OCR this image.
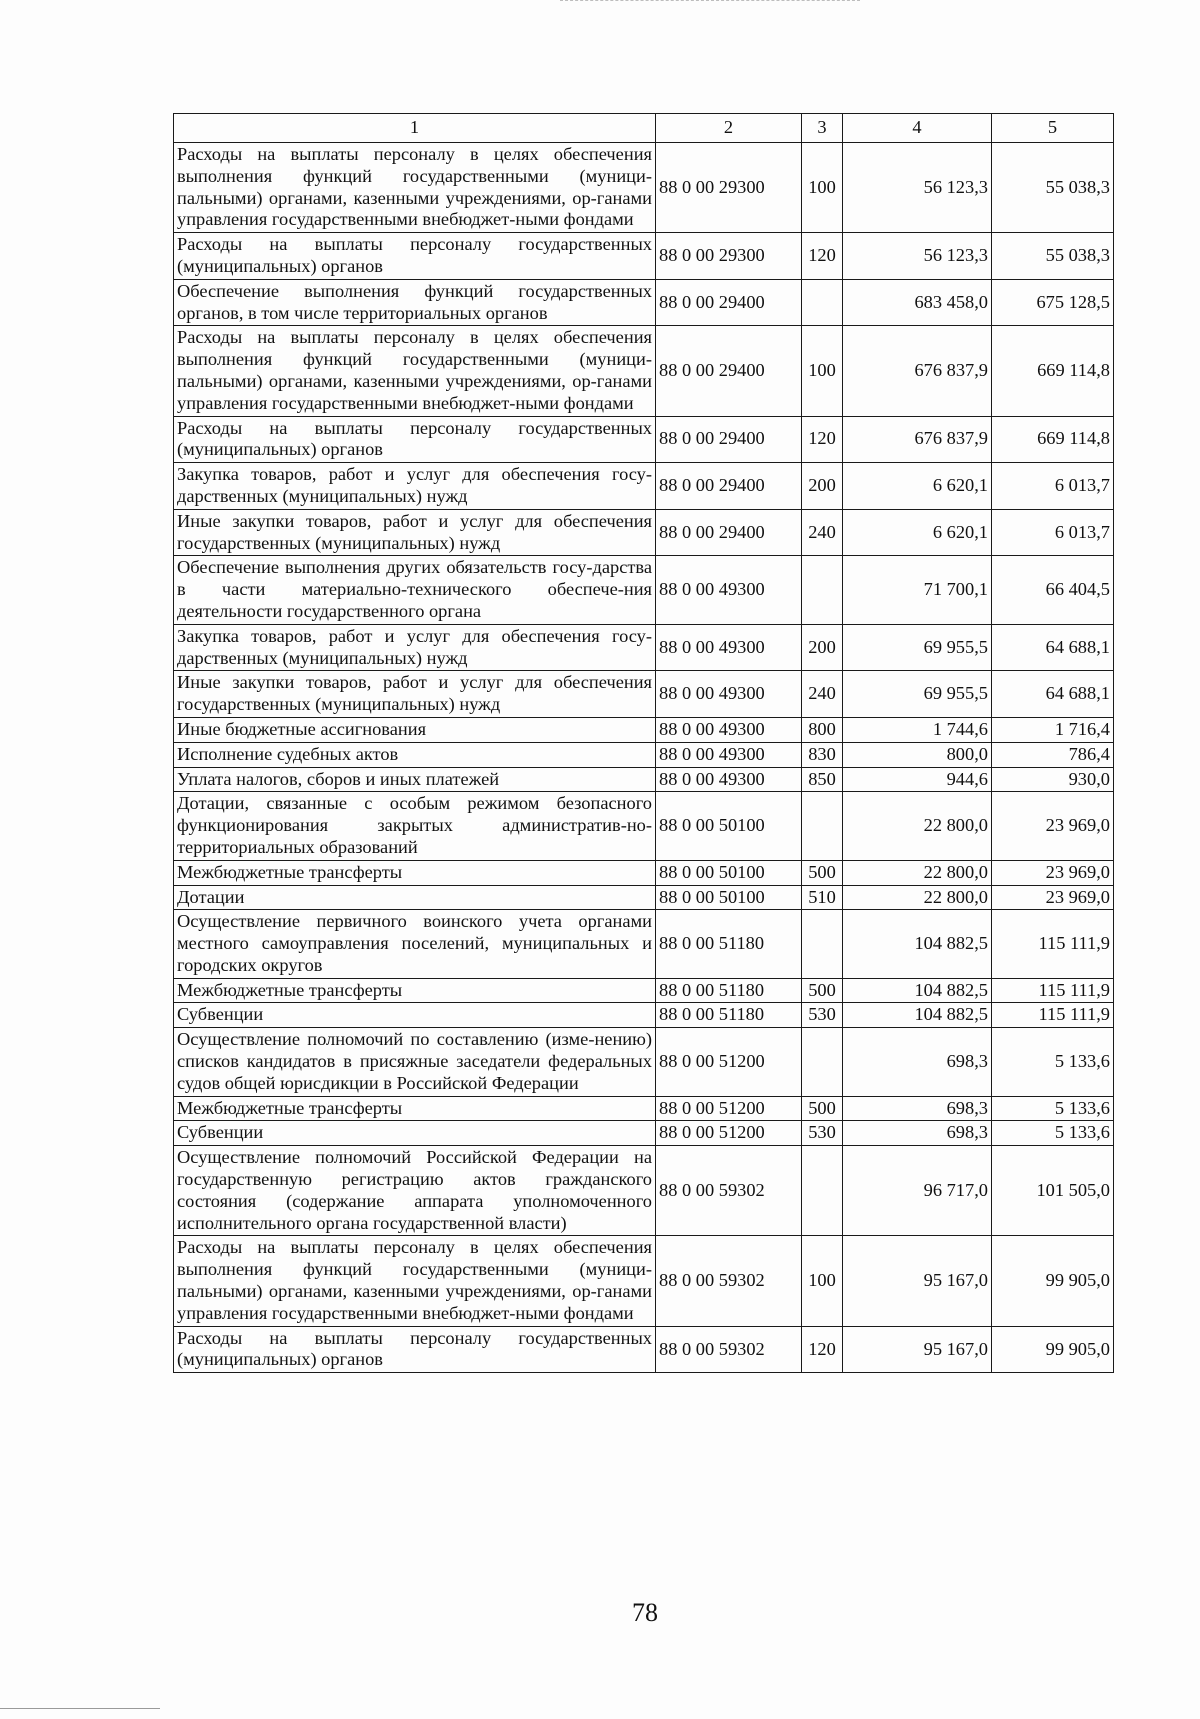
1	2	3	4	5
Расходы на выплаты персоналу в целях обеспечения выполнения функций государственными (муници-пальными) органами, казенными учреждениями, ор-ганами управления государственными внебюджет-ными фондами	88 0 00 29300	100	56 123,3	55 038,3
Расходы на выплаты персоналу государственных (муниципальных) органов	88 0 00 29300	120	56 123,3	55 038,3
Обеспечение выполнения функций государственных органов, в том числе территориальных органов	88 0 00 29400		683 458,0	675 128,5
Расходы на выплаты персоналу в целях обеспечения выполнения функций государственными (муници-пальными) органами, казенными учреждениями, ор-ганами управления государственными внебюджет-ными фондами	88 0 00 29400	100	676 837,9	669 114,8
Расходы на выплаты персоналу государственных (муниципальных) органов	88 0 00 29400	120	676 837,9	669 114,8
Закупка товаров, работ и услуг для обеспечения госу-дарственных (муниципальных) нужд	88 0 00 29400	200	6 620,1	6 013,7
Иные закупки товаров, работ и услуг для обеспечения государственных (муниципальных) нужд	88 0 00 29400	240	6 620,1	6 013,7
Обеспечение выполнения других обязательств госу-дарства в части материально-технического обеспече-ния деятельности государственного органа	88 0 00 49300		71 700,1	66 404,5
Закупка товаров, работ и услуг для обеспечения госу-дарственных (муниципальных) нужд	88 0 00 49300	200	69 955,5	64 688,1
Иные закупки товаров, работ и услуг для обеспечения государственных (муниципальных) нужд	88 0 00 49300	240	69 955,5	64 688,1
Иные бюджетные ассигнования	88 0 00 49300	800	1 744,6	1 716,4
Исполнение судебных актов	88 0 00 49300	830	800,0	786,4
Уплата налогов, сборов и иных платежей	88 0 00 49300	850	944,6	930,0
Дотации, связанные с особым режимом безопасного функционирования закрытых административ-но-территориальных образований	88 0 00 50100		22 800,0	23 969,0
Межбюджетные трансферты	88 0 00 50100	500	22 800,0	23 969,0
Дотации	88 0 00 50100	510	22 800,0	23 969,0
Осуществление первичного воинского учета органами местного самоуправления поселений, муниципальных и городских округов	88 0 00 51180		104 882,5	115 111,9
Межбюджетные трансферты	88 0 00 51180	500	104 882,5	115 111,9
Субвенции	88 0 00 51180	530	104 882,5	115 111,9
Осуществление полномочий по составлению (изме-нению) списков кандидатов в присяжные заседатели федеральных судов общей юрисдикции в Российской Федерации	88 0 00 51200		698,3	5 133,6
Межбюджетные трансферты	88 0 00 51200	500	698,3	5 133,6
Субвенции	88 0 00 51200	530	698,3	5 133,6
Осуществление полномочий Российской Федерации на государственную регистрацию актов гражданского состояния (содержание аппарата уполномоченного исполнительного органа государственной власти)	88 0 00 59302		96 717,0	101 505,0
Расходы на выплаты персоналу в целях обеспечения выполнения функций государственными (муници-пальными) органами, казенными учреждениями, ор-ганами управления государственными внебюджет-ными фондами	88 0 00 59302	100	95 167,0	99 905,0
Расходы на выплаты персоналу государственных (муниципальных) органов	88 0 00 59302	120	95 167,0	99 905,0
78
